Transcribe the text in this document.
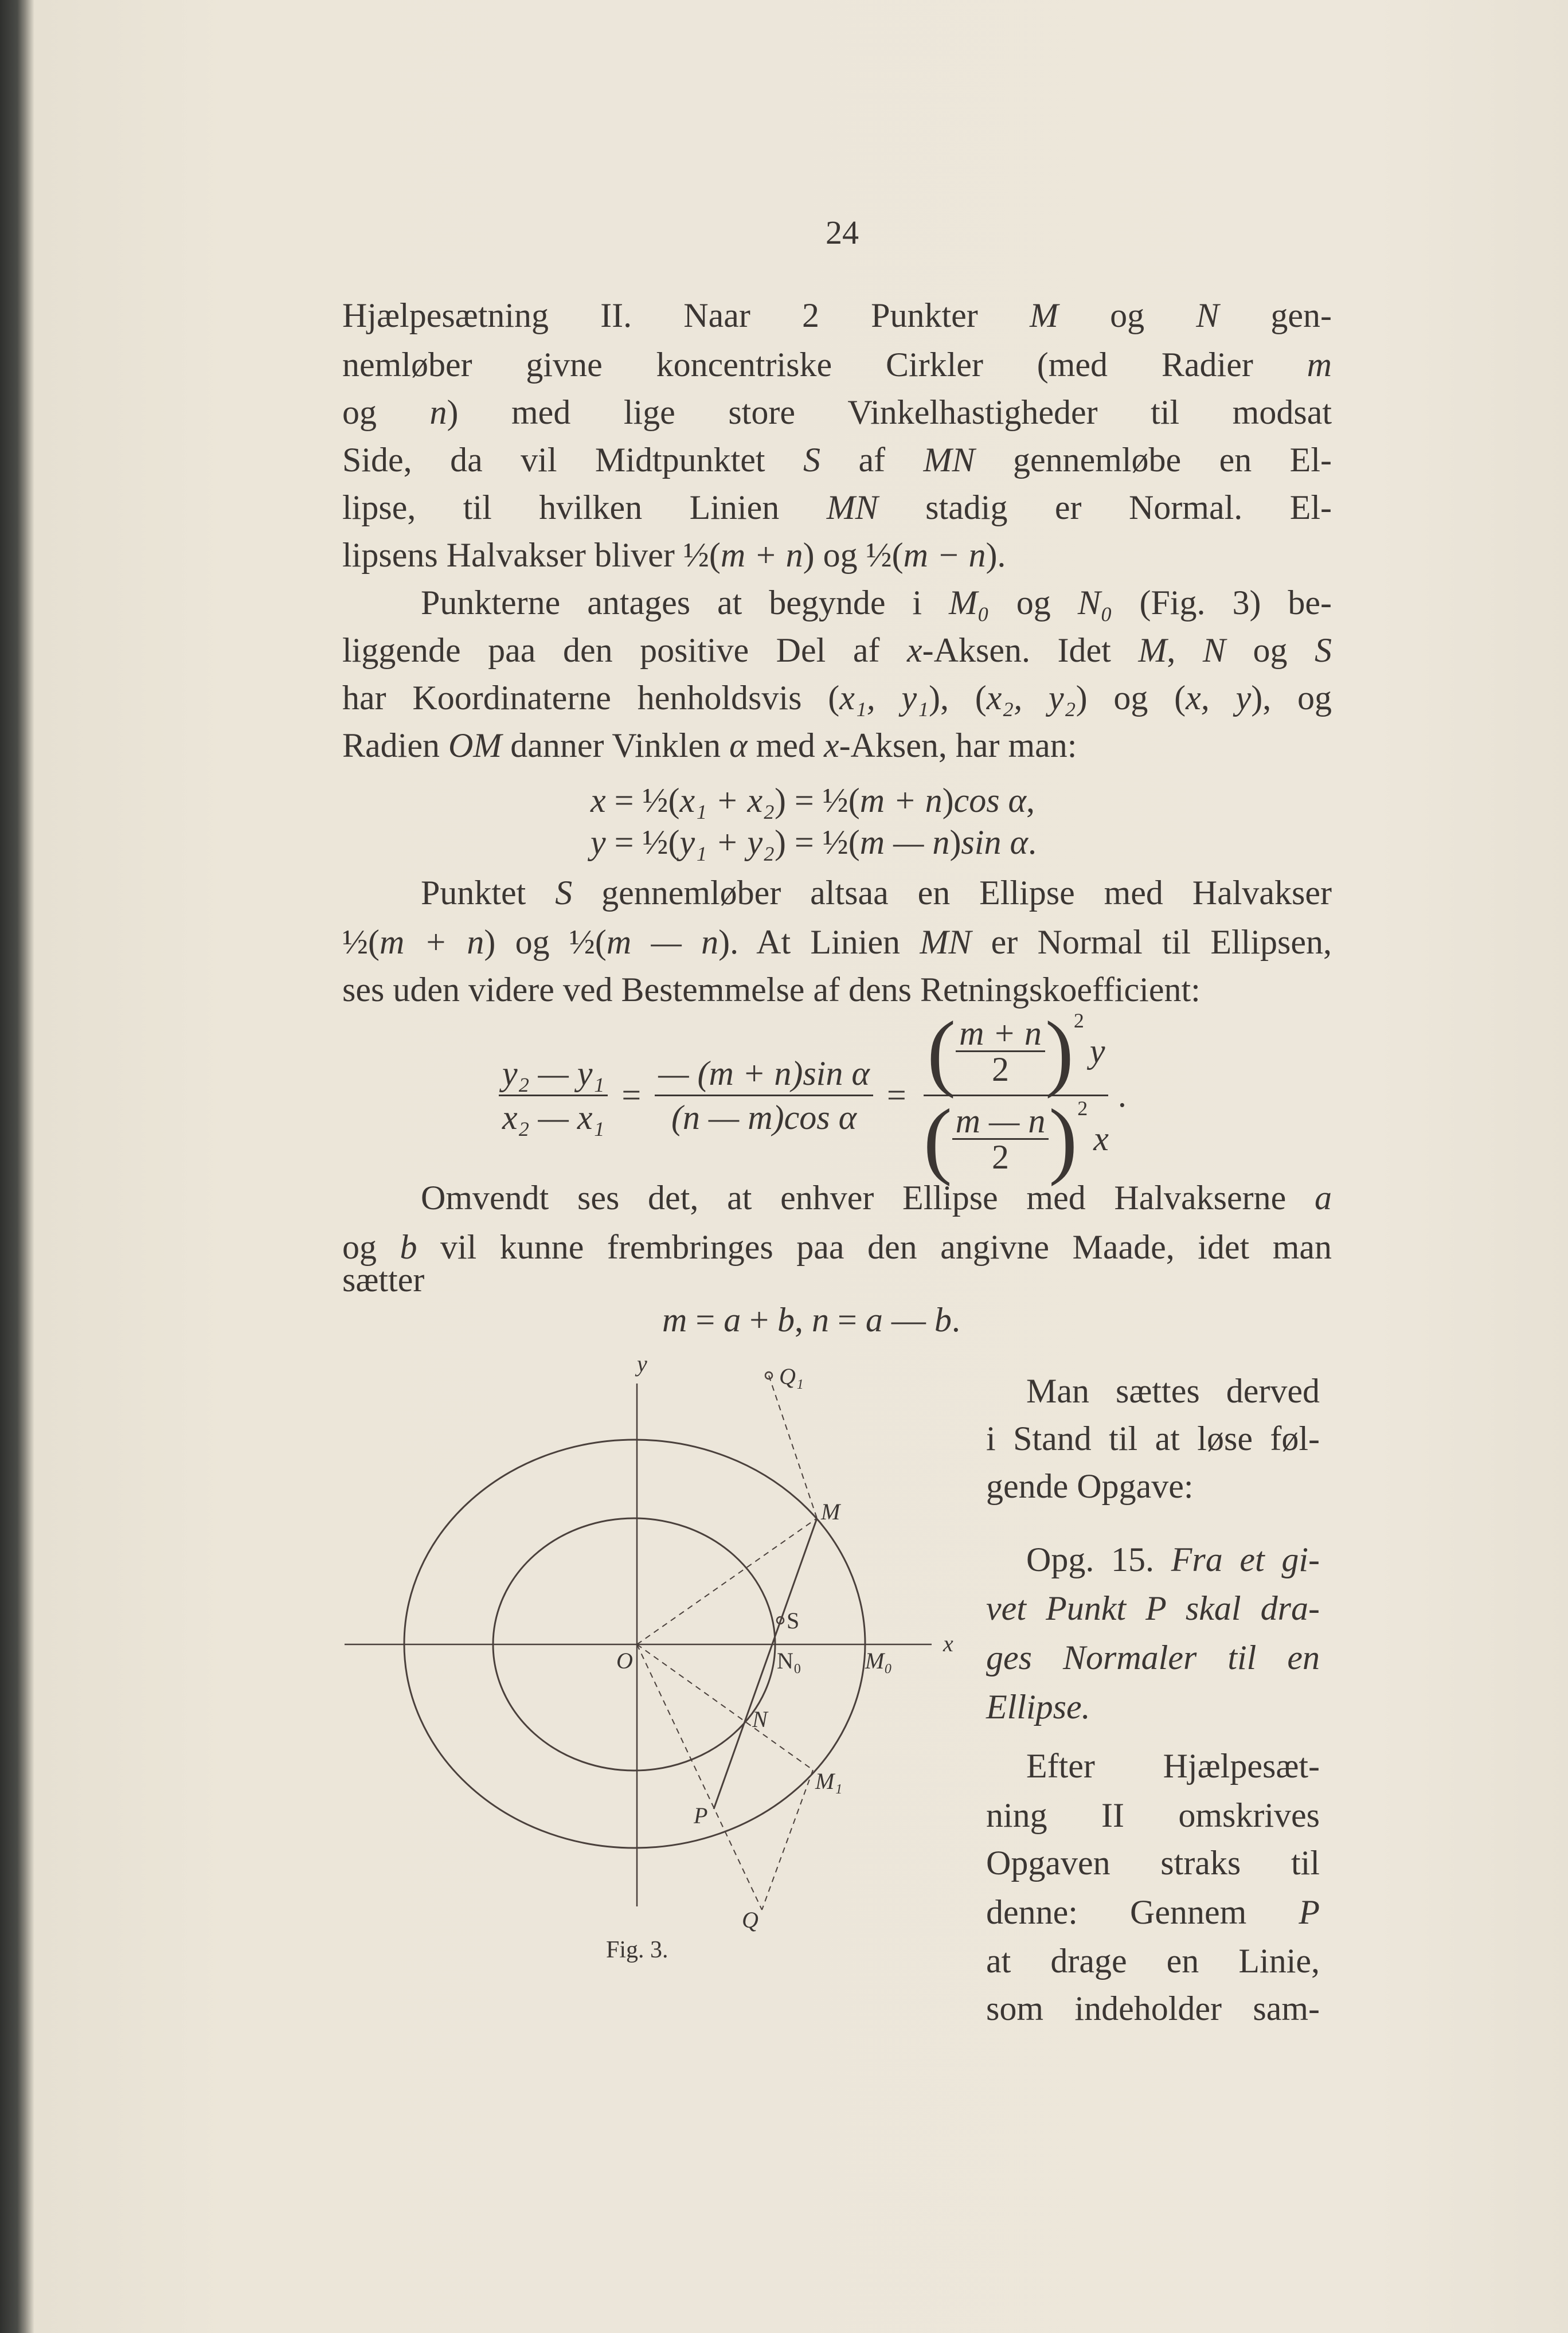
24
Hjælpesætning II. Naar 2 Punkter M og N gen-
nemløber givne koncentriske Cirkler (med Radier m
og n) med lige store Vinkelhastigheder til modsat
Side, da vil Midtpunktet S af MN gennemløbe en El-
lipse, til hvilken Linien MN stadig er Normal. El-
lipsens Halvakser bliver ½(m + n) og ½(m − n).
Punkterne antages at begynde i M₀ og N₀ (Fig. 3) be-
liggende paa den positive Del af x-Aksen. Idet M, N og S
har Koordinaterne henholdsvis (x₁, y₁), (x₂, y₂) og (x, y), og
Radien OM danner Vinklen α med x-Aksen, har man:
Punktet S gennemløber altsaa en Ellipse med Halvakser
½(m + n) og ½(m — n). At Linien MN er Normal til Ellipsen,
ses uden videre ved Bestemmelse af dens Retningskoefficient:
Omvendt ses det, at enhver Ellipse med Halvakserne a
og b vil kunne frembringes paa den angivne Maade, idet man
sætter
Man sættes derved
i Stand til at løse føl-
gende Opgave:
Opg. 15. Fra et gi-
vet Punkt P skal dra-
ges Normaler til en
Ellipse.
Efter Hjælpesæt-
ning II omskrives
Opgaven straks til
denne: Gennem P
at drage en Linie,
som indeholder sam-
x = ½(x₁ + x₂) = ½(m + n)cos α,
y = ½(y₁ + y₂) = ½(m — n)sin α.
m = a + b, n = a — b.
$\frac{\text{y₂ — y₁}}{\text{x₂ — x₁}} = \frac{\text{— (m + n)sin α}}{\text{(n — m)cos α}}$ = ( $\frac{m + n}{2}$ ) 2
y
( $\frac{m — n}{2}$ ) 2
x
.
y	Q₁
M
S
x
O	N₀	M₀
N
M₁
P
Q
Fig. 3.
